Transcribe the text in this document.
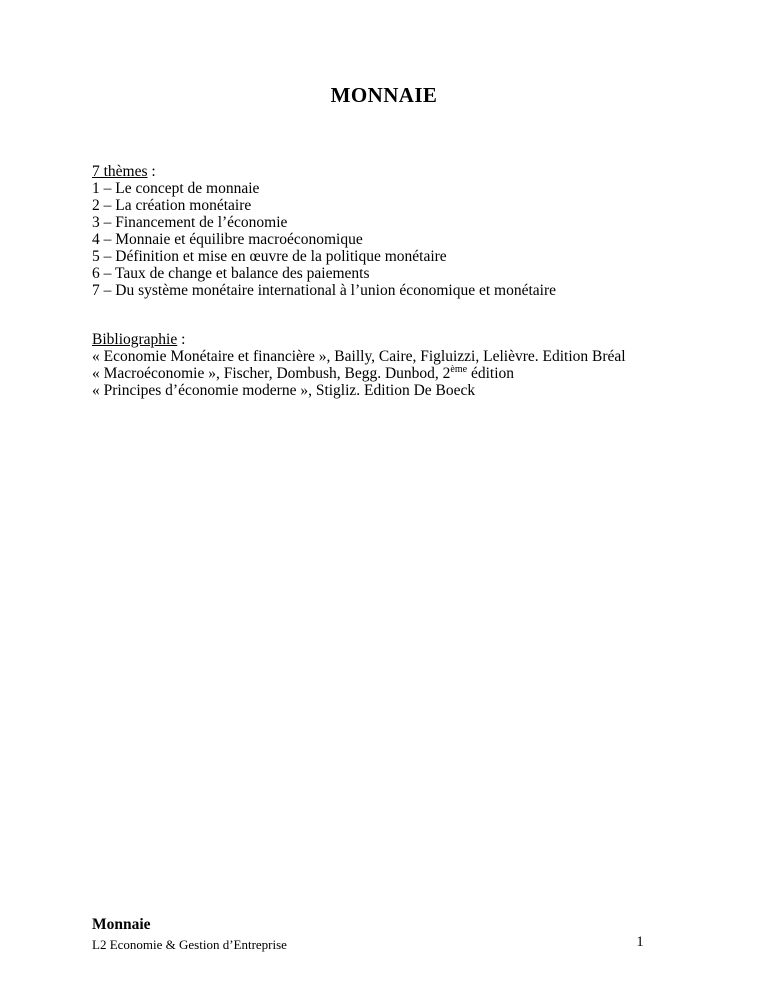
MONNAIE
7 thèmes :
1 – Le concept de monnaie
2 – La création monétaire
3 – Financement de l’économie
4 – Monnaie et équilibre macroéconomique
5 – Définition et mise en œuvre de la politique monétaire
6 – Taux de change et balance des paiements
7 – Du système monétaire international à l’union économique et monétaire
Bibliographie :
« Economie Monétaire et financière », Bailly, Caire, Figluizzi, Lelièvre. Edition Bréal
« Macroéconomie », Fischer, Dombush, Begg. Dunbod, 2ème édition
« Principes d’économie moderne », Stigliz. Edition De Boeck
Monnaie
L2 Economie & Gestion d’Entreprise	1
